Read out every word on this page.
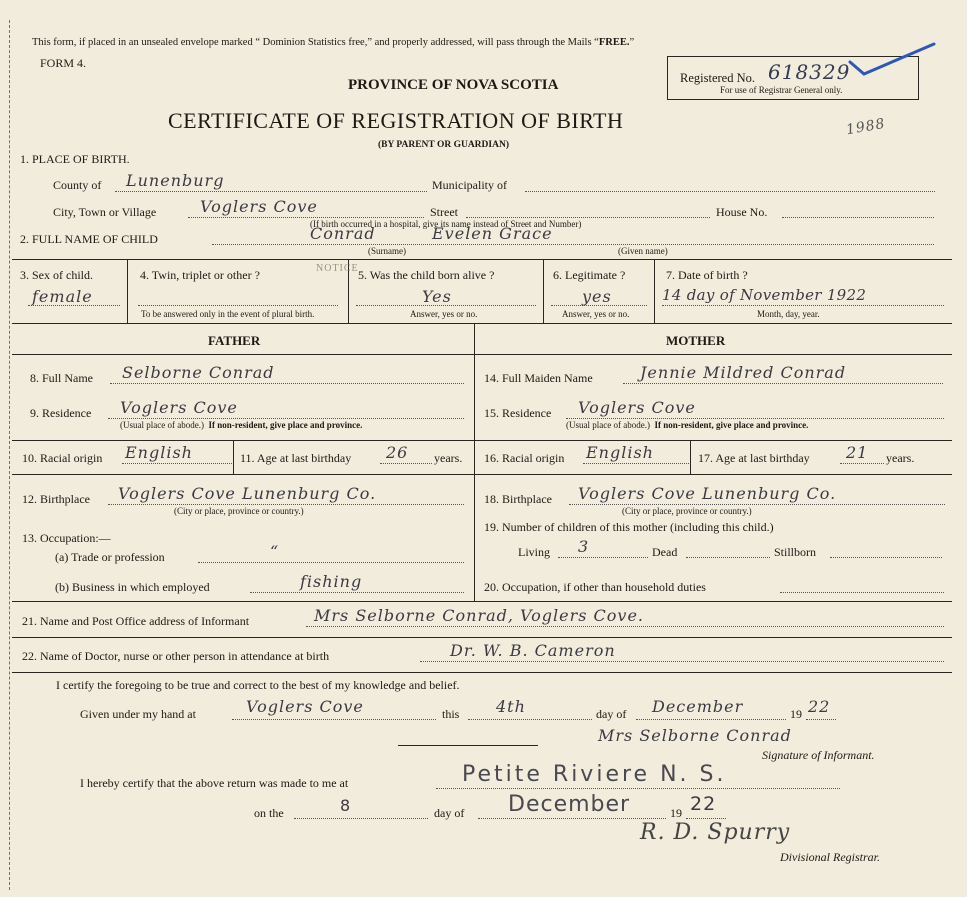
This form, if placed in an unsealed envelope marked “ Dominion Statistics free,” and properly addressed, will pass through the Mails “FREE.”
FORM 4.
PROVINCE OF NOVA SCOTIA
CERTIFICATE OF REGISTRATION OF BIRTH
(BY PARENT OR GUARDIAN)
Registered No. 618329
For use of Registrar General only.
1988
1. PLACE OF BIRTH.
County of Lunenburg	Municipality of
City, Town or Village	Voglers Cove	Street	House No.
(If birth occurred in a hospital, give its name instead of Street and Number)
2. FULL NAME OF CHILD	Conrad	Evelen Grace
(Surname)	(Given name)
3. Sex of child.
female
4. Twin, triplet or other ?
To be answered only in the event of plural birth.
5. Was the child born alive ?
Yes
Answer, yes or no.
6. Legitimate ?
yes
Answer, yes or no.
7. Date of birth ?
14 day of November 1922
Month, day, year.
FATHER	MOTHER
NOTICE
8. Full Name Selborne Conrad	14. Full Maiden Name	Jennie Mildred Conrad
9. Residence Voglers Cove
(Usual place of abode.) If non-resident, give place and province.
15. Residence Voglers Cove
(Usual place of abode.) If non-resident, give place and province.
10. Racial origin English	11. Age at last birthday 26 years. 16. Racial origin English	17. Age at last birthday 21 years.
12. Birthplace Voglers Cove Lunenburg Co.
(City or place, province or country.)
18. Birthplace Voglers Cove Lunenburg Co.
(City or place, province or country.)
13. Occupation:—
19. Number of children of this mother (including this child.)
Living 3	Dead	Stillborn
(a) Trade or profession	“
(b) Business in which employed	fishing	20. Occupation, if other than household duties
21. Name and Post Office address of Informant	Mrs Selborne Conrad, Voglers Cove.
22. Name of Doctor, nurse or other person in attendance at birth	Dr. W. B. Cameron
I certify the foregoing to be true and correct to the best of my knowledge and belief.
Given under my hand at	Voglers Cove	this 4th	day of December	19 22
Mrs Selborne Conrad
Signature of Informant.
I hereby certify that the above return was made to me at	Petite Riviere N. S.
on the	8	day of December	19 22
R. D. Spurry
Divisional Registrar.
